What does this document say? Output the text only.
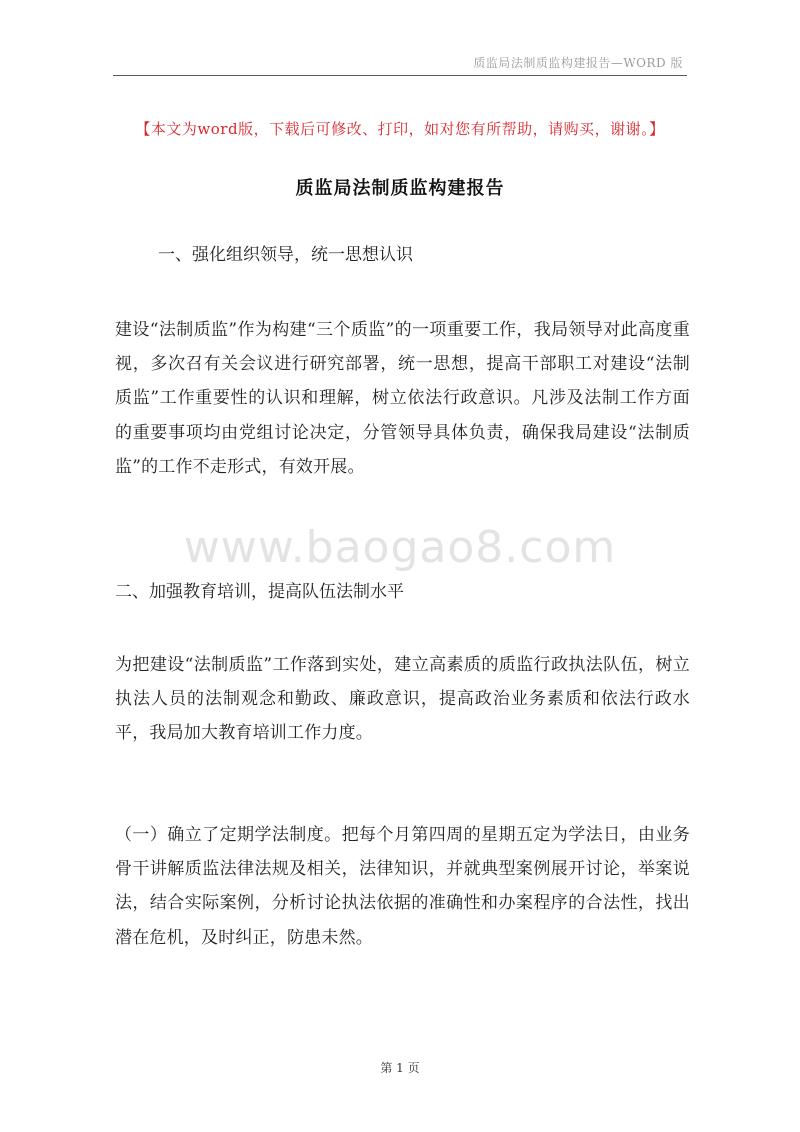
质监局法制质监构建报告—WORD 版
【本文为word版，下载后可修改、打印，如对您有所帮助，请购买，谢谢。】
质监局法制质监构建报告
一、强化组织领导，统一思想认识
建设“法制质监”作为构建“三个质监”的一项重要工作，我局领导对此高度重视，多次召有关会议进行研究部署，统一思想，提高干部职工对建设“法制质监”工作重要性的认识和理解，树立依法行政意识。凡涉及法制工作方面的重要事项均由党组讨论决定，分管领导具体负责，确保我局建设“法制质监”的工作不走形式，有效开展。
www.baogao8.com
二、加强教育培训，提高队伍法制水平
为把建设“法制质监”工作落到实处，建立高素质的质监行政执法队伍，树立执法人员的法制观念和勤政、廉政意识，提高政治业务素质和依法行政水平，我局加大教育培训工作力度。
（一）确立了定期学法制度。把每个月第四周的星期五定为学法日，由业务骨干讲解质监法律法规及相关，法律知识，并就典型案例展开讨论，举案说法，结合实际案例，分析讨论执法依据的准确性和办案程序的合法性，找出潜在危机，及时纠正，防患未然。
第 1 页
